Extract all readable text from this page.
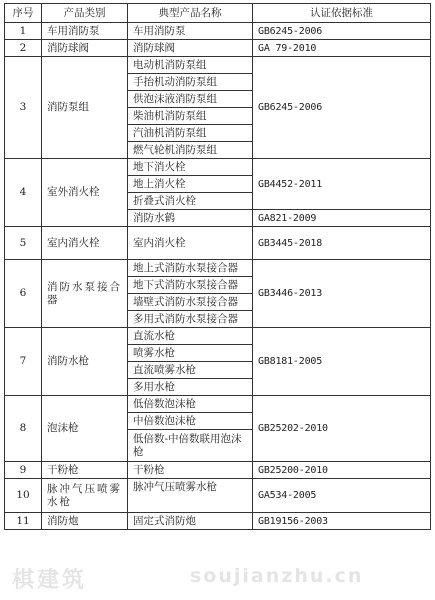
序号	产品类别	典型产品名称	认证依据标准
1	车用消防泵	车用消防泵	GB6245-2006
2	消防球阀	消防球阀	GA 79-2010
3	消防泵组	电动机消防泵组	GB6245-2006
		手抬机动消防泵组	
		供泡沫液消防泵组	
		柴油机消防泵组	
		汽油机消防泵组	
		燃气轮机消防泵组	
4	室外消火栓	地下消火栓	GB4452-2011
		地上消火栓	
		折叠式消火栓	
		消防水鹤	GA821-2009
5	室内消火栓	室内消火栓	GB3445-2018
6	消防水泵接合器	地上式消防水泵接合器	GB3446-2013
		地下式消防水泵接合器	
		墙壁式消防水泵接合器	
		多用式消防水泵接合器	
7	消防水枪	直流水枪	GB8181-2005
		喷雾水枪	
		直流喷雾水枪	
		多用水枪	
8	泡沫枪	低倍数泡沫枪	GB25202-2010
		中倍数泡沫枪	
		低倍数-中倍数联用泡沫枪	
9	干粉枪	干粉枪	GB25200-2010
10	脉冲气压喷雾水枪	脉冲气压喷雾水枪	GA534-2005
11	消防炮	固定式消防炮	GB19156-2003
棋建筑	soujianzhu.cn
